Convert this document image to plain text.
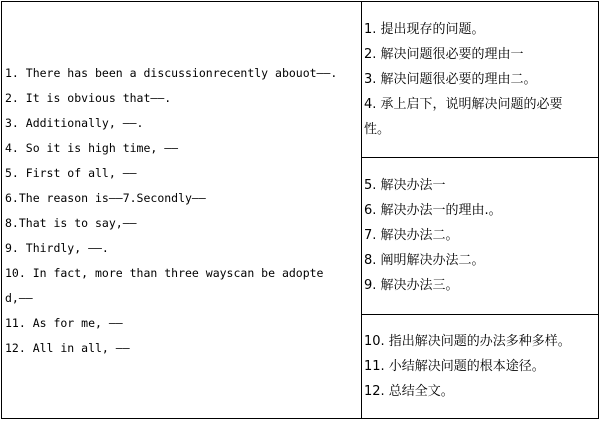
1. There has been a discussionrecently abouot——.
2. It is obvious that——.
3. Additionally, ——.
4. So it is high time, ——
5. First of all, ——
6.The reason is——7.Secondly——
8.That is to say,——
9. Thirdly, ——.
10. In fact, more than three wayscan be adopte
d,——
11. As for me, ——
12. All in all, ——
1. 提出现存的问题。
2. 解决问题很必要的理由一
3. 解决问题很必要的理由二。
4. 承上启下，说明解决问题的必要
性。
5. 解决办法一
6. 解决办法一的理由.。
7. 解决办法二。
8. 阐明解决办法二。
9. 解决办法三。
10. 指出解决问题的办法多种多样。
11. 小结解决问题的根本途径。
12. 总结全文。
